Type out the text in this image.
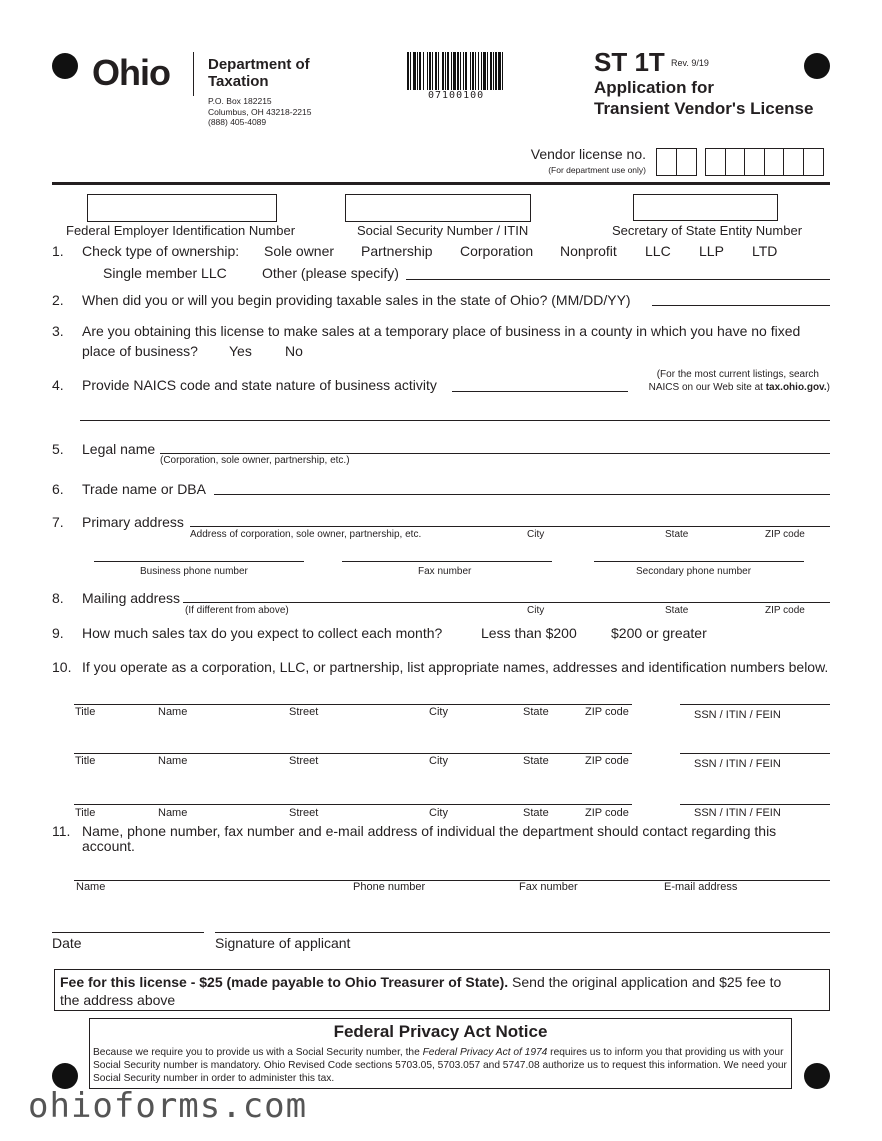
Ohio	Department of
Taxation
P.O. Box 182215
Columbus, OH 43218-2215
(888) 405-4089
07100100
ST 1T Rev. 9/19
Application for
Transient Vendor's License
Vendor license no.
(For department use only)
Federal Employer Identification Number	Social Security Number / ITIN	Secretary of State Entity Number
1. Check type of ownership: Sole owner Partnership Corporation Nonprofit LLC LLP LTD
Single member LLC	Other (please specify)
2. When did you or will you begin providing taxable sales in the state of Ohio? (MM/DD/YY)
3. Are you obtaining this license to make sales at a temporary place of business in a county in which you have no fixed
place of business? Yes No
4. Provide NAICS code and state nature of business activity
(For the most current listings, search
NAICS on our Web site at tax.ohio.gov.)
5. Legal name
(Corporation, sole owner, partnership, etc.)
6. Trade name or DBA
7. Primary address
Address of corporation, sole owner, partnership, etc.	City	State	ZIP code
Business phone number	Fax number	Secondary phone number
8. Mailing address
(If different from above)	City	State	ZIP code
9. How much sales tax do you expect to collect each month?	Less than $200 $200 or greater
10. If you operate as a corporation, LLC, or partnership, list appropriate names, addresses and identification numbers below.
Title	Name	Street	City	State	ZIP code	SSN / ITIN / FEIN
Title	Name	Street	City	State	ZIP code	SSN / ITIN / FEIN
Title	Name	Street	City	State	ZIP code	SSN / ITIN / FEIN
11. Name, phone number, fax number and e-mail address of individual the department should contact regarding this
account.
Name	Phone number	Fax number	E-mail address
Date	Signature of applicant
Fee for this license - $25 (made payable to Ohio Treasurer of State). Send the original application and $25 fee to
the address above
Federal Privacy Act Notice
Because we require you to provide us with a Social Security number, the Federal Privacy Act of 1974 requires us to inform you that providing us with your Social Security number is mandatory. Ohio Revised Code sections 5703.05, 5703.057 and 5747.08 authorize us to request this information. We need your Social Security number in order to administer this tax.
ohioforms.com
